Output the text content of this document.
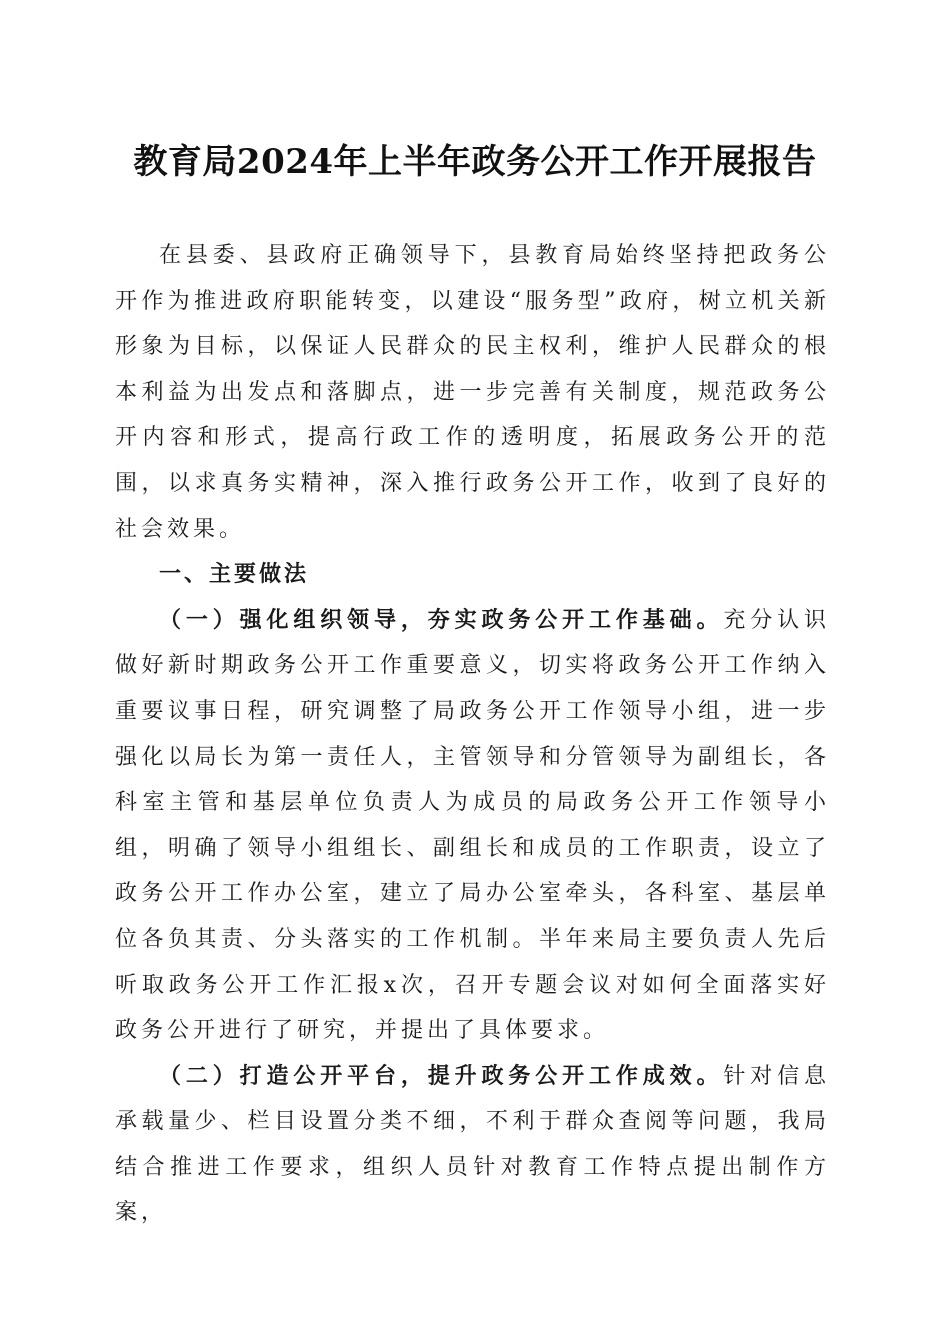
教育局2024年上半年政务公开工作开展报告

在县委、县政府正确领导下，县教育局始终坚持把政务公开作为推进政府职能转变，以建设“服务型”政府，树立机关新形象为目标，以保证人民群众的民主权利，维护人民群众的根本利益为出发点和落脚点，进一步完善有关制度，规范政务公开内容和形式，提高行政工作的透明度，拓展政务公开的范围，以求真务实精神，深入推行政务公开工作，收到了良好的社会效果。

一、主要做法

（一）强化组织领导，夯实政务公开工作基础。充分认识做好新时期政务公开工作重要意义，切实将政务公开工作纳入重要议事日程，研究调整了局政务公开工作领导小组，进一步强化以局长为第一责任人，主管领导和分管领导为副组长，各科室主管和基层单位负责人为成员的局政务公开工作领导小组，明确了领导小组组长、副组长和成员的工作职责，设立了政务公开工作办公室，建立了局办公室牵头，各科室、基层单位各负其责、分头落实的工作机制。半年来局主要负责人先后听取政务公开工作汇报x次，召开专题会议对如何全面落实好政务公开进行了研究，并提出了具体要求。

（二）打造公开平台，提升政务公开工作成效。针对信息承载量少、栏目设置分类不细，不利于群众查阅等问题，我局结合推进工作要求，组织人员针对教育工作特点提出制作方案，
